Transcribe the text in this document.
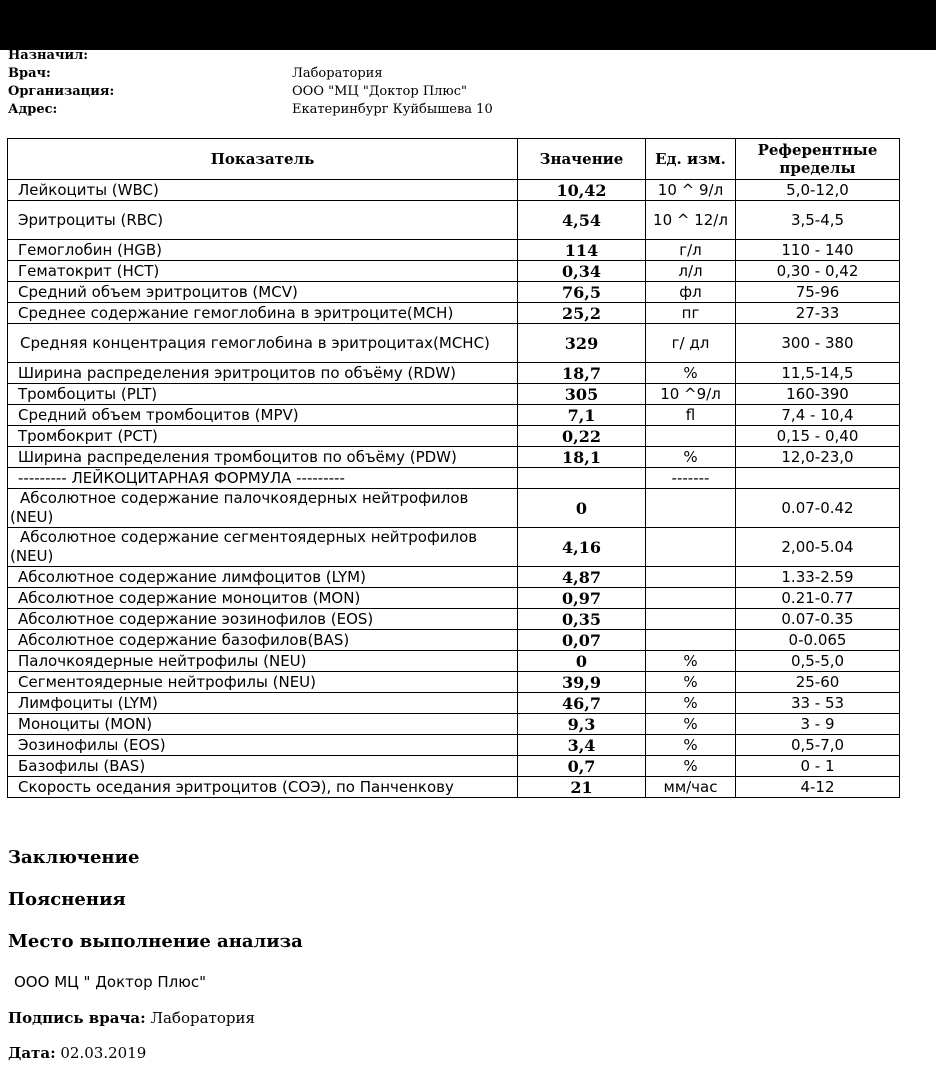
Назначил:
Врач:	Лаборатория
Организация:	ООО "МЦ "Доктор Плюс"
Адрес:	Екатеринбург Куйбышева 10
Показатель	Значение	Ед. изм.	Референтные пределы
Лейкоциты (WBC)	10,42	10 ^ 9/л	5,0-12,0
Эритроциты (RBC)	4,54	10 ^ 12/л	3,5-4,5
Гемоглобин (HGB)	114	г/л	110 - 140
Гематокрит (HCT)	0,34	л/л	0,30 - 0,42
Средний объем эритроцитов (MCV)	76,5	фл	75-96
Среднее содержание гемоглобина в эритроците(MCH)	25,2	пг	27-33
Средняя концентрация гемоглобина в эритроцитах(MCHC)	329	г/ дл	300 - 380
Ширина распределения эритроцитов по объёму (RDW)	18,7	%	11,5-14,5
Тромбоциты (PLT)	305	10 ^9/л	160-390
Средний объем тромбоцитов (MPV)	7,1	fl	7,4 - 10,4
Тромбокрит (PCT)	0,22		0,15 - 0,40
Ширина распределения тромбоцитов по объёму (PDW)	18,1	%	12,0-23,0
--------- ЛЕЙКОЦИТАРНАЯ ФОРМУЛА ---------		-------	
Абсолютное содержание палочкоядерных нейтрофилов (NEU)	0		0.07-0.42
Абсолютное содержание сегментоядерных нейтрофилов (NEU)	4,16		2,00-5.04
Абсолютное содержание лимфоцитов (LYM)	4,87		1.33-2.59
Абсолютное содержание моноцитов (MON)	0,97		0.21-0.77
Абсолютное содержание эозинофилов (EOS)	0,35		0.07-0.35
Абсолютное содержание базофилов(BAS)	0,07		0-0.065
Палочкоядерные нейтрофилы (NEU)	0	%	0,5-5,0
Сегментоядерные нейтрофилы (NEU)	39,9	%	25-60
Лимфоциты (LYM)	46,7	%	33 - 53
Моноциты (MON)	9,3	%	3 - 9
Эозинофилы (EOS)	3,4	%	0,5-7,0
Базофилы (BAS)	0,7	%	0 - 1
Скорость оседания эритроцитов (СОЭ), по Панченкову	21	мм/час	4-12
Заключение
Пояснения
Место выполнение анализа
ООО МЦ " Доктор Плюс"
Подпись врача: Лаборатория
Дата: 02.03.2019
